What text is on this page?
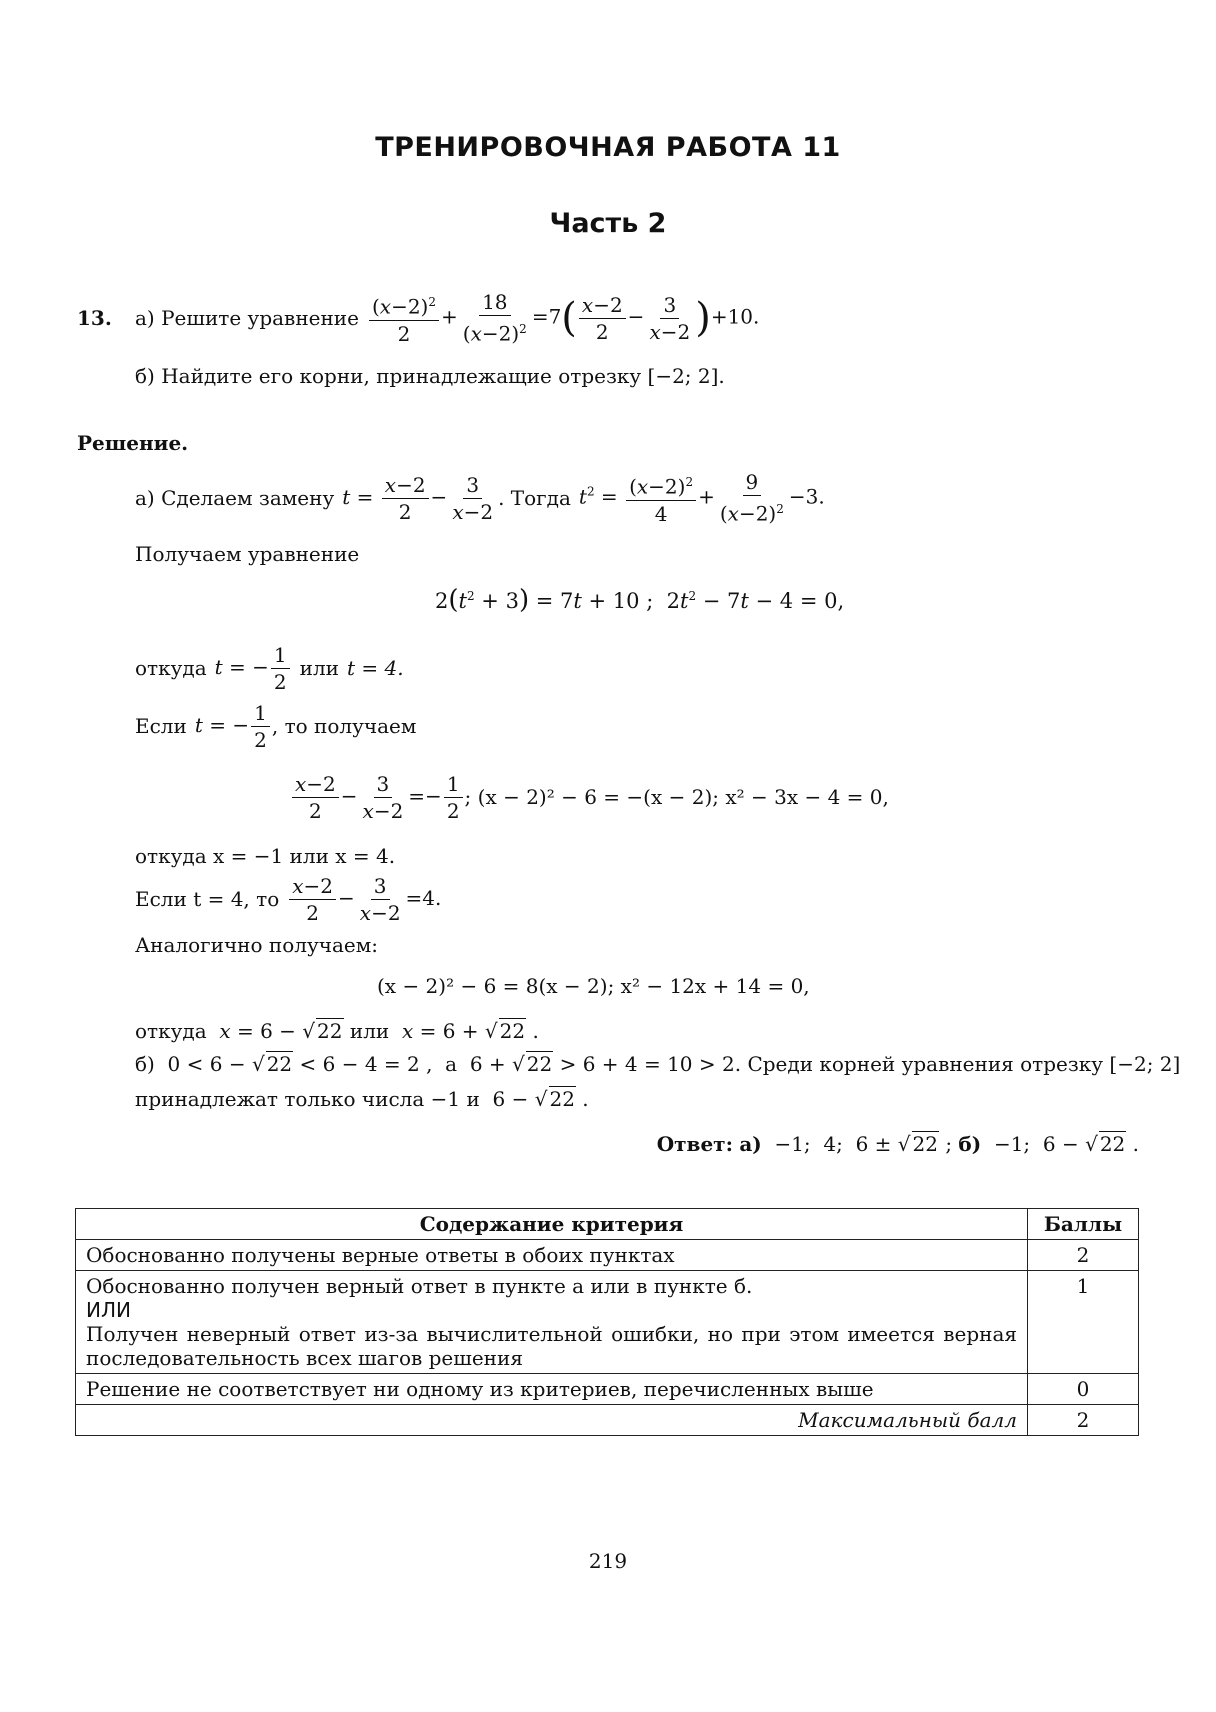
ТРЕНИРОВОЧНАЯ РАБОТА 11
Часть 2
13. а) Решите уравнение $\frac{(x-2)^2}{2} + \frac{18}{(x-2)^2} =7( \frac{x-2}{2} - \frac{3}{x-2} )+10$.
б) Найдите его корни, принадлежащие отрезку [−2; 2].
Решение.
а) Сделаем замену $t = \frac{x-2}{2} - \frac{3}{x-2}$ . Тогда $t^2 = \frac{(x-2)^2}{4} + \frac{9}{(x-2)^2} -3$.
Получаем уравнение
$2(t^2 + 3) = 7t + 10$ ;  $2t^2 - 7t - 4 = 0$,
откуда t = − $\frac{1}{2}$ или t = 4.
Если t = − $\frac{1}{2}$ , то получаем
$\frac{x-2}{2} - \frac{3}{x-2} =- \frac{1}{2}$ ; (x − 2)² − 6 = −(x − 2); x² − 3x − 4 = 0,
откуда x = −1 или x = 4.
Если t = 4, то $\frac{x-2}{2} - \frac{3}{x-2} =4$.
Аналогично получаем:
(x − 2)² − 6 = 8(x − 2); x² − 12x + 14 = 0,
откуда x = 6 − √ 22 или x = 6 + √ 22 .
б)  0 < 6 − √ 22 < 6 − 4 = 2 ,  а  6 + √ 22 > 6 + 4 = 10 > 2. Среди корней уравнения отрезку [−2; 2]
принадлежат только числа −1 и  6 − √ 22 .
Ответ: а)  −1;  4;  6 ± √ 22 ; б)  −1;  6 − √ 22 .
Содержание критерия	Баллы
Обоснованно получены верные ответы в обоих пунктах	2

Обоснованно получен верный ответ в пункте а или в пункте б.
ИЛИ
Получен неверный ответ из-за вычислительной ошибки, но при этом имеется верная последовательность всех шагов решения	1
Решение не соответствует ни одному из критериев, перечисленных выше	0
Максимальный балл	2
219
